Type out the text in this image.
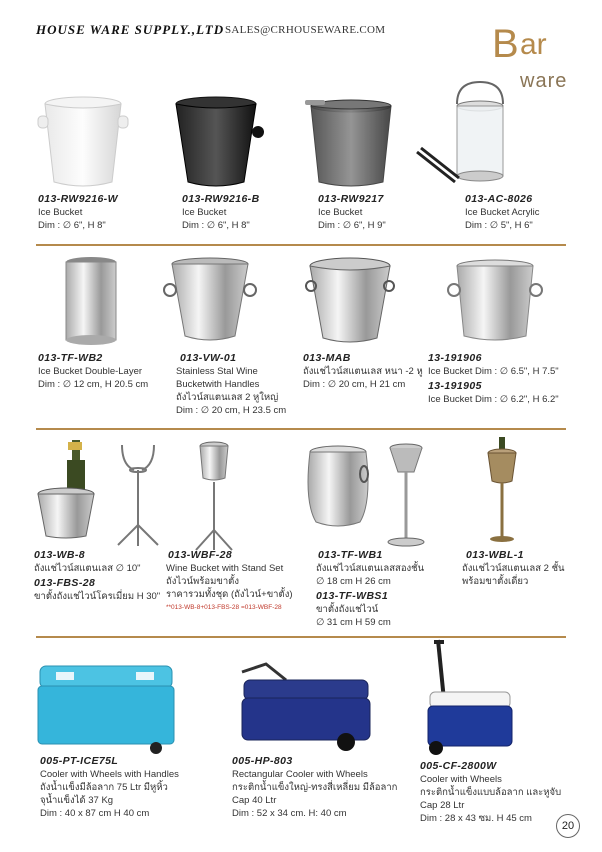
HOUSE WARE SUPPLY.,LTD SALES@CRHOUSEWARE.COM	B ar
ware
013-RW9216-W
Ice Bucket
Dim : ∅ 6", H 8"
013-RW9216-B
Ice Bucket
Dim : ∅ 6", H 8"
013-RW9217
Ice Bucket
Dim : ∅ 6", H 9"
013-AC-8026
Ice Bucket Acrylic
Dim : ∅ 5", H 6"
013-TF-WB2
Ice Bucket Double-Layer
Dim : ∅ 12 cm, H 20.5 cm
013-VW-01
Stainless Stal Wine
Bucketwith Handles
ถังไวน์สแตนเลส 2 หูใหญ่
Dim : ∅ 20 cm, H 23.5 cm
013-MAB
ถังแช่ไวน์สแตนเลส หนา -2 หู
Dim : ∅ 20 cm, H 21 cm
13-191906
Ice Bucket Dim : ∅ 6.5", H 7.5"
13-191905
Ice Bucket Dim : ∅ 6.2", H 6.2"
013-WB-8
ถังแช่ไวน์สแตนเลส ∅ 10"
013-FBS-28
ขาตั้งถังแช่ไวน์โครเมี่ยม H 30"
013-WBF-28
Wine Bucket with Stand Set
ถังไวน์พร้อมขาตั้ง
ราคารวมทั้งชุด (ถังไวน์+ขาตั้ง)
**013-WB-8+013-FBS-28 =013-WBF-28
013-TF-WB1
ถังแช่ไวน์สแตนเลสสองชั้น
∅ 18 cm H 26 cm
013-TF-WBS1
ขาตั้งถังแช่ไวน์
∅ 31 cm H 59 cm
013-WBL-1
ถังแช่ไวน์สแตนเลส 2 ชั้น
พร้อมขาตั้งเดี่ยว
005-PT-ICE75L
Cooler with Wheels with Handles
ถังน้ำแข็งมีล้อลาก 75 Ltr มีหูหิ้ว
จุน้ำแข็งได้ 37 Kg
Dim : 40 x 87 cm H 40 cm
005-HP-803
Rectangular Cooler with Wheels
กระติกน้ำแข็งใหญ่-ทรงสี่เหลี่ยม มีล้อลาก
Cap 40 Ltr
Dim : 52 x 34 cm. H: 40 cm
005-CF-2800W
Cooler with Wheels
กระติกน้ำแข็งแบบล้อลาก และหูจับ
Cap 28 Ltr
Dim : 28 x 43 ซม. H 45 cm
20
